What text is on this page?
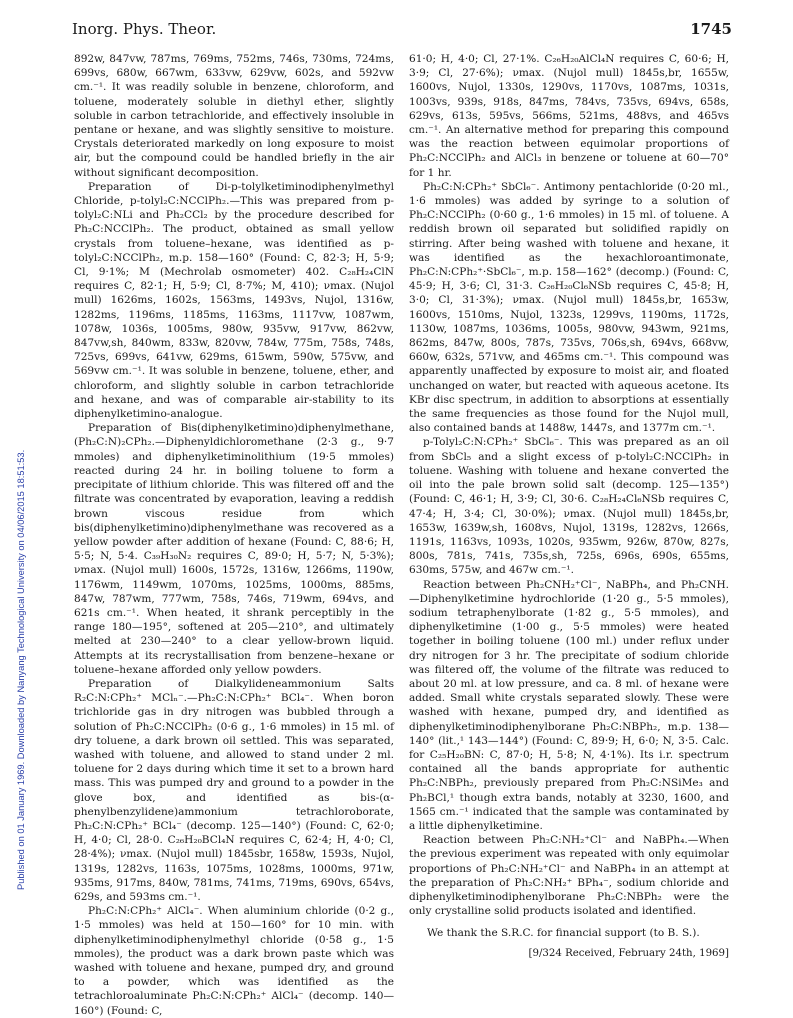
Inorg. Phys. Theor.	1745
Published on 01 January 1969. Downloaded by Nanyang Technological University on 04/06/2015 18:51:53.

892w, 847vw, 787ms, 769ms, 752ms, 746s, 730ms, 724ms, 699vs, 680w, 667wm, 633vw, 629vw, 602s, and 592vw cm.⁻¹. It was readily soluble in benzene, chloroform, and toluene, moderately soluble in diethyl ether, slightly soluble in carbon tetrachloride, and effectively insoluble in pentane or hexane, and was slightly sensitive to moisture. Crystals deteriorated markedly on long exposure to moist air, but the compound could be handled briefly in the air without significant decomposition.

Preparation of Di-p-tolylketiminodiphenylmethyl Chloride, p-tolyl₂C:NCClPh₂.—This was prepared from p-tolyl₂C:NLi and Ph₂CCl₂ by the procedure described for Ph₂C:NCClPh₂. The product, obtained as small yellow crystals from toluene–hexane, was identified as p-tolyl₂C:NCClPh₂, m.p. 158—160° (Found: C, 82·3; H, 5·9; Cl, 9·1%; M (Mechrolab osmometer) 402. C₂₈H₂₄ClN requires C, 82·1; H, 5·9; Cl, 8·7%; M, 410); νmax. (Nujol mull) 1626ms, 1602s, 1563ms, 1493vs, Nujol, 1316w, 1282ms, 1196ms, 1185ms, 1163ms, 1117vw, 1087wm, 1078w, 1036s, 1005ms, 980w, 935vw, 917vw, 862vw, 847vw,sh, 840wm, 833w, 820vw, 784w, 775m, 758s, 748s, 725vs, 699vs, 641vw, 629ms, 615wm, 590w, 575vw, and 569vw cm.⁻¹. It was soluble in benzene, toluene, ether, and chloroform, and slightly soluble in carbon tetrachloride and hexane, and was of comparable air-stability to its diphenylketimino-analogue.

Preparation of Bis(diphenylketimino)diphenylmethane, (Ph₂C:N)₂CPh₂.—Diphenyldichloromethane (2·3 g., 9·7 mmoles) and diphenylketiminolithium (19·5 mmoles) reacted during 24 hr. in boiling toluene to form a precipitate of lithium chloride. This was filtered off and the filtrate was concentrated by evaporation, leaving a reddish brown viscous residue from which bis(diphenylketimino)diphenylmethane was recovered as a yellow powder after addition of hexane (Found: C, 88·6; H, 5·5; N, 5·4. C₃₉H₃₀N₂ requires C, 89·0; H, 5·7; N, 5·3%); νmax. (Nujol mull) 1600s, 1572s, 1316w, 1266ms, 1190w, 1176wm, 1149wm, 1070ms, 1025ms, 1000ms, 885ms, 847w, 787wm, 777wm, 758s, 746s, 719wm, 694vs, and 621s cm.⁻¹. When heated, it shrank perceptibly in the range 180—195°, softened at 205—210°, and ultimately melted at 230—240° to a clear yellow-brown liquid. Attempts at its recrystallisation from benzene–hexane or toluene–hexane afforded only yellow powders.

Preparation of Dialkylideneammonium Salts R₂C:N:CPh₂⁺ MClₙ⁻.—Ph₂C:N:CPh₂⁺ BCl₄⁻. When boron trichloride gas in dry nitrogen was bubbled through a solution of Ph₂C:NCClPh₂ (0·6 g., 1·6 mmoles) in 15 ml. of dry toluene, a dark brown oil settled. This was separated, washed with toluene, and allowed to stand under 2 ml. toluene for 2 days during which time it set to a brown hard mass. This was pumped dry and ground to a powder in the glove box, and identified as bis-(α-phenylbenzylidene)ammonium tetrachloroborate, Ph₂C:N:CPh₂⁺ BCl₄⁻ (decomp. 125—140°) (Found: C, 62·0; H, 4·0; Cl, 28·0. C₂₆H₂₀BCl₄N requires C, 62·4; H, 4·0; Cl, 28·4%); νmax. (Nujol mull) 1845sbr, 1658w, 1593s, Nujol, 1319s, 1282vs, 1163s, 1075ms, 1028ms, 1000ms, 971w, 935ms, 917ms, 840w, 781ms, 741ms, 719ms, 690vs, 654vs, 629s, and 593ms cm.⁻¹.

Ph₂C:N:CPh₂⁺ AlCl₄⁻. When aluminium chloride (0·2 g., 1·5 mmoles) was held at 150—160° for 10 min. with diphenylketiminodiphenylmethyl chloride (0·58 g., 1·5 mmoles), the product was a dark brown paste which was washed with toluene and hexane, pumped dry, and ground to a powder, which was identified as the tetrachloroaluminate Ph₂C:N:CPh₂⁺ AlCl₄⁻ (decomp. 140—160°) (Found: C,

61·0; H, 4·0; Cl, 27·1%. C₂₆H₂₀AlCl₄N requires C, 60·6; H, 3·9; Cl, 27·6%); νmax. (Nujol mull) 1845s,br, 1655w, 1600vs, Nujol, 1330s, 1290vs, 1170vs, 1087ms, 1031s, 1003vs, 939s, 918s, 847ms, 784vs, 735vs, 694vs, 658s, 629vs, 613s, 595vs, 566ms, 521ms, 488vs, and 465vs cm.⁻¹. An alternative method for preparing this compound was the reaction between equimolar proportions of Ph₂C:NCClPh₂ and AlCl₃ in benzene or toluene at 60—70° for 1 hr.

Ph₂C:N:CPh₂⁺ SbCl₆⁻. Antimony pentachloride (0·20 ml., 1·6 mmoles) was added by syringe to a solution of Ph₂C:NCClPh₂ (0·60 g., 1·6 mmoles) in 15 ml. of toluene. A reddish brown oil separated but solidified rapidly on stirring. After being washed with toluene and hexane, it was identified as the hexachloroantimonate, Ph₂C:N:CPh₂⁺·SbCl₆⁻, m.p. 158—162° (decomp.) (Found: C, 45·9; H, 3·6; Cl, 31·3. C₂₆H₂₀Cl₆NSb requires C, 45·8; H, 3·0; Cl, 31·3%); νmax. (Nujol mull) 1845s,br, 1653w, 1600vs, 1510ms, Nujol, 1323s, 1299vs, 1190ms, 1172s, 1130w, 1087ms, 1036ms, 1005s, 980vw, 943wm, 921ms, 862ms, 847w, 800s, 787s, 735vs, 706s,sh, 694vs, 668vw, 660w, 632s, 571vw, and 465ms cm.⁻¹. This compound was apparently unaffected by exposure to moist air, and floated unchanged on water, but reacted with aqueous acetone. Its KBr disc spectrum, in addition to absorptions at essentially the same frequencies as those found for the Nujol mull, also contained bands at 1488w, 1447s, and 1377m cm.⁻¹.

p-Tolyl₂C:N:CPh₂⁺ SbCl₆⁻. This was prepared as an oil from SbCl₅ and a slight excess of p-tolyl₂C:NCClPh₂ in toluene. Washing with toluene and hexane converted the oil into the pale brown solid salt (decomp. 125—135°) (Found: C, 46·1; H, 3·9; Cl, 30·6. C₂₈H₂₄Cl₆NSb requires C, 47·4; H, 3·4; Cl, 30·0%); νmax. (Nujol mull) 1845s,br, 1653w, 1639w,sh, 1608vs, Nujol, 1319s, 1282vs, 1266s, 1191s, 1163vs, 1093s, 1020s, 935wm, 926w, 870w, 827s, 800s, 781s, 741s, 735s,sh, 725s, 696s, 690s, 655ms, 630ms, 575w, and 467w cm.⁻¹.

Reaction between Ph₂CNH₂⁺Cl⁻, NaBPh₄, and Ph₂CNH.—Diphenylketimine hydrochloride (1·20 g., 5·5 mmoles), sodium tetraphenylborate (1·82 g., 5·5 mmoles), and diphenylketimine (1·00 g., 5·5 mmoles) were heated together in boiling toluene (100 ml.) under reflux under dry nitrogen for 3 hr. The precipitate of sodium chloride was filtered off, the volume of the filtrate was reduced to about 20 ml. at low pressure, and ca. 8 ml. of hexane were added. Small white crystals separated slowly. These were washed with hexane, pumped dry, and identified as diphenylketiminodiphenylborane Ph₂C:NBPh₂, m.p. 138—140° (lit.,¹ 143—144°) (Found: C, 89·9; H, 6·0; N, 3·5. Calc. for C₂₅H₂₀BN: C, 87·0; H, 5·8; N, 4·1%). Its i.r. spectrum contained all the bands appropriate for authentic Ph₂C:NBPh₂, previously prepared from Ph₂C:NSiMe₃ and Ph₂BCl,¹ though extra bands, notably at 3230, 1600, and 1565 cm.⁻¹ indicated that the sample was contaminated by a little diphenylketimine.

Reaction between Ph₂C:NH₂⁺Cl⁻ and NaBPh₄.—When the previous experiment was repeated with only equimolar proportions of Ph₂C:NH₂⁺Cl⁻ and NaBPh₄ in an attempt at the preparation of Ph₂C:NH₂⁺ BPh₄⁻, sodium chloride and diphenylketiminodiphenylborane Ph₂C:NBPh₂ were the only crystalline solid products isolated and identified.

We thank the S.R.C. for financial support (to B. S.).

[9/324 Received, February 24th, 1969]
